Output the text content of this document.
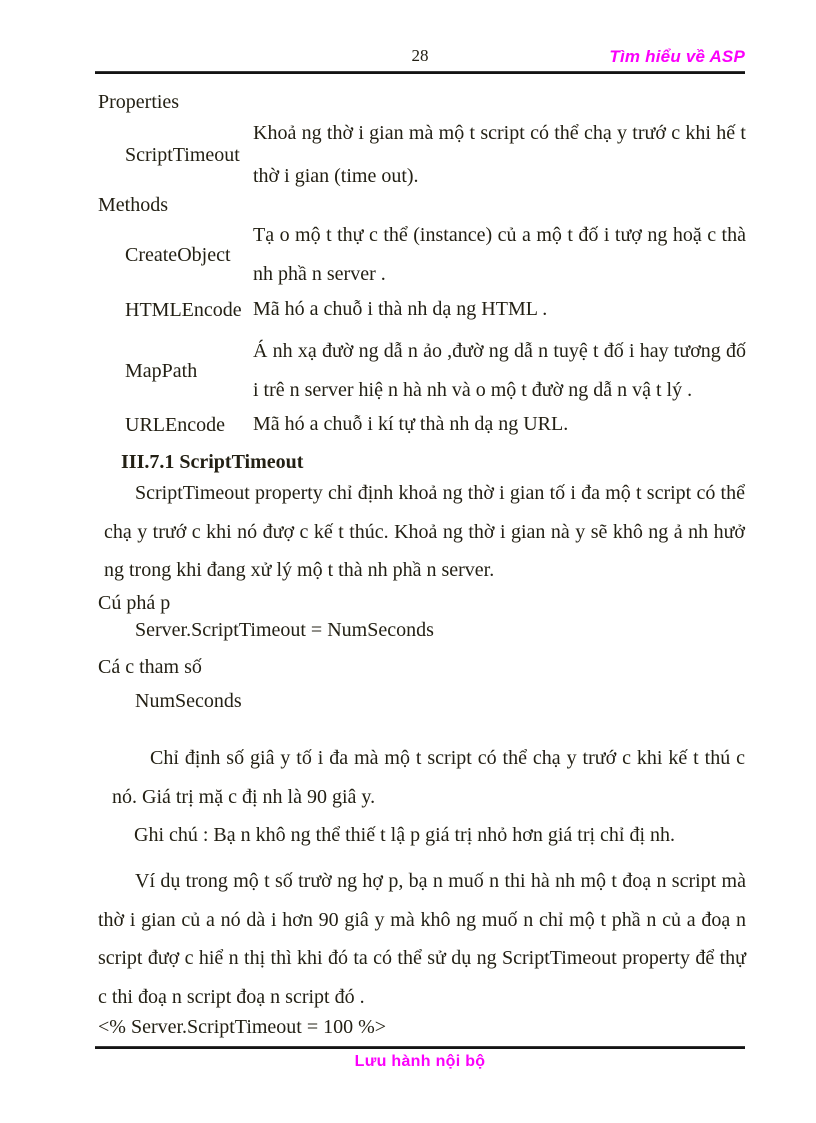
28	Tìm hiểu về ASP
Properties
ScriptTimeout
Khoả ng thờ i gian mà mộ t script có thể chạ y trướ c khi hế t thờ i gian (time out).
Methods
CreateObject
Tạ o mộ t thự c thể (instance) củ a mộ t đố i tượ ng hoặ c thà nh phầ n server .
HTMLEncode Mã hó a chuỗ i thà nh dạ ng HTML .
MapPath
Á nh xạ đườ ng dẫ n ảo ,đườ ng dẫ n tuyệ t đố i hay tương đố i trê n server hiệ n hà nh và o mộ t đườ ng dẫ n vậ t lý .
URLEncode	Mã hó a chuỗ i kí tự thà nh dạ ng URL.
III.7.1 ScriptTimeout
ScriptTimeout property chỉ định khoả ng thờ i gian tố i đa mộ t script có thể chạ y trướ c khi nó đượ c kế t thúc. Khoả ng thờ i gian nà y sẽ khô ng ả nh hưở ng trong khi đang xử lý mộ t thà nh phầ n server.
Cú phá p
Server.ScriptTimeout = NumSeconds
Cá c tham số
NumSeconds
Chỉ định số giâ y tố i đa mà mộ t script có thể chạ y trướ c khi kế t thú c nó. Giá trị mặ c đị nh là 90 giâ y.
Ghi chú : Bạ n khô ng thể thiế t lậ p giá trị nhỏ hơn giá trị chỉ đị nh.
Ví dụ trong mộ t số trườ ng hợ p, bạ n muố n thi hà nh mộ t đoạ n script mà thờ i gian củ a nó dà i hơn 90 giâ y mà khô ng muố n chỉ mộ t phầ n củ a đoạ n script đượ c hiể n thị thì khi đó ta có thể sử dụ ng ScriptTimeout property để thự c thi đoạ n script đoạ n script đó .
<% Server.ScriptTimeout = 100 %>
Lưu hành nội bộ
